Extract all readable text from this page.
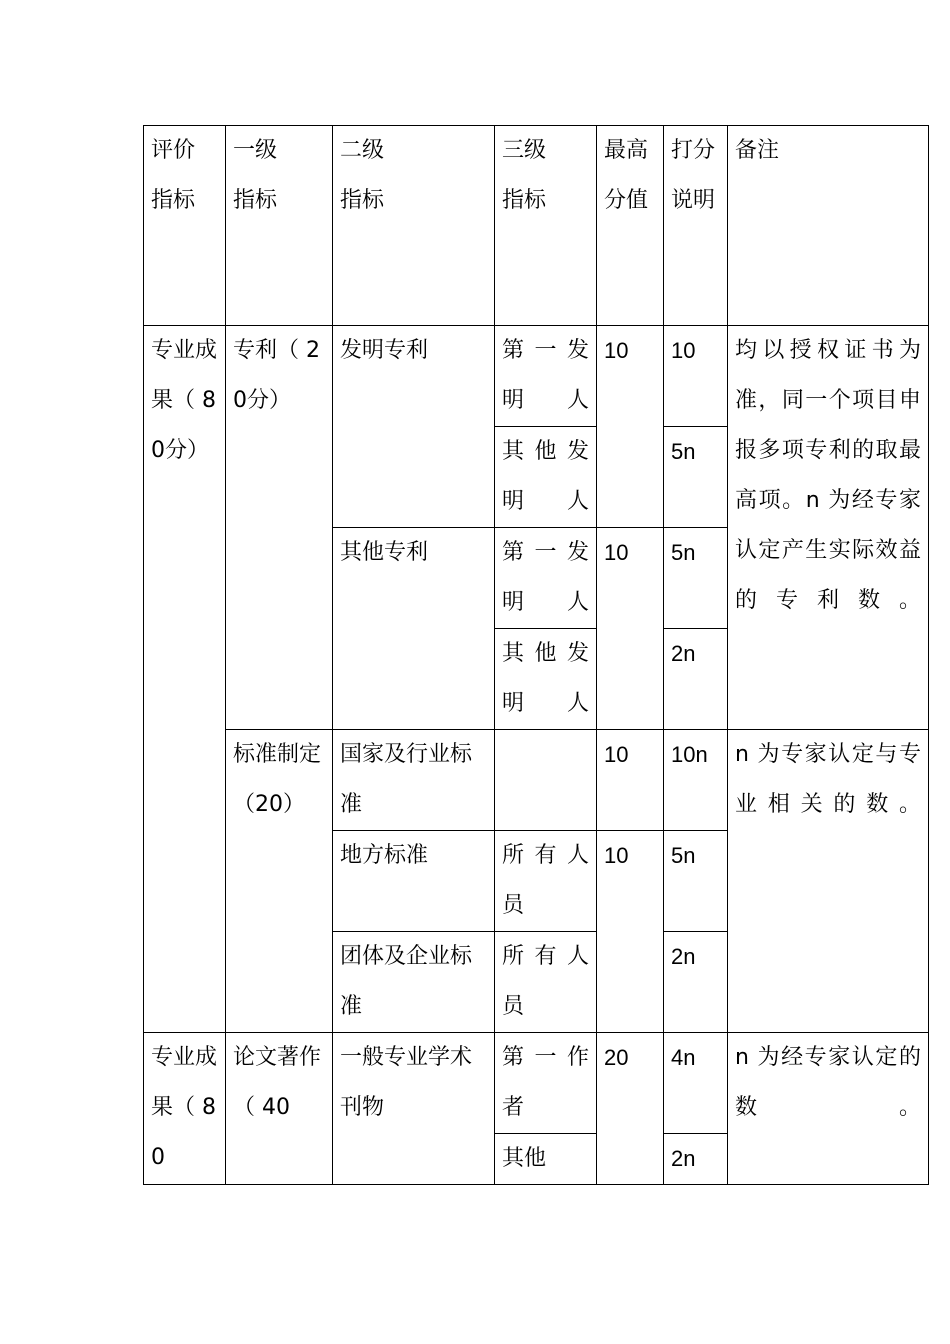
评价指标	一级指标	二级指标	三级指标	最高分值	打分说明	备注

专业成果（ 80分）	专利（ 20分）	发明专利	第一发明人	10	10	均以授权证书为准，同一个项目申报多项专利的取最高项。n 为经专家认定产生实际效益的专利数。
			其他发明人		5n	
		其他专利	第一发明人	10	5n	
			其他发明人		2n	

	标准制定（20）	国家及行业标准		10	10n	n 为专家认定与专业相关的数。
		地方标准	所有人员	10	5n	
		团体及企业标准	所有人员		2n	

专业成果（ 80	论文著作（ 40	一般专业学术刊物	第一作者	20	4n	n 为经专家认定的数。
			其他		2n	
